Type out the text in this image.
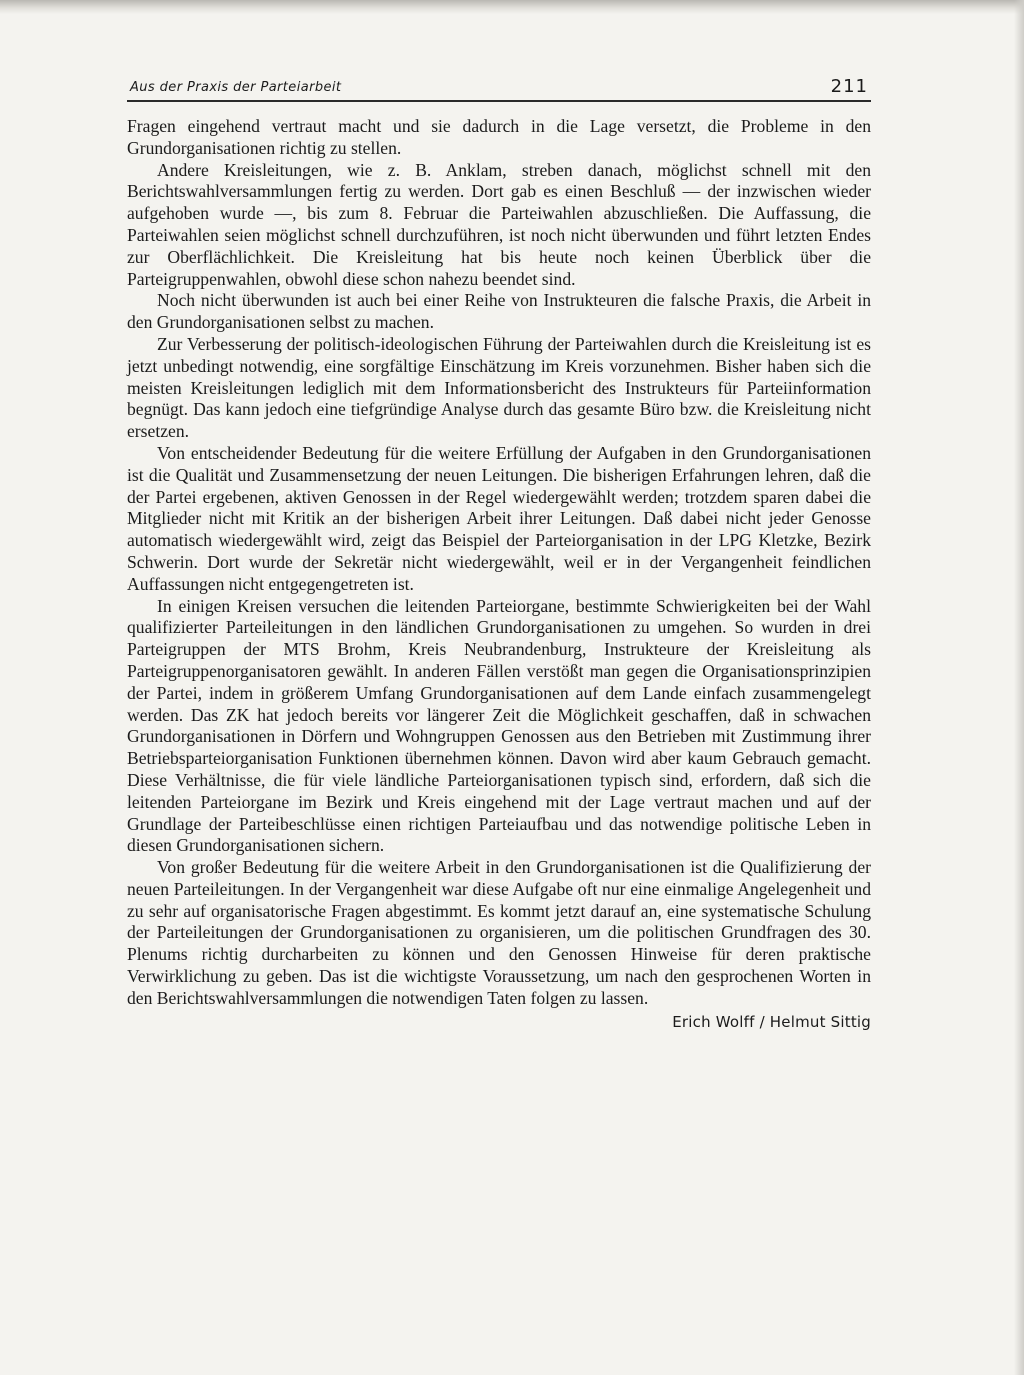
Aus der Praxis der Parteiarbeit	211

Fragen eingehend vertraut macht und sie dadurch in die Lage versetzt, die Probleme in den Grundorganisationen richtig zu stellen.

Andere Kreisleitungen, wie z. B. Anklam, streben danach, möglichst schnell mit den Berichtswahlversammlungen fertig zu werden. Dort gab es einen Beschluß — der inzwischen wieder aufgehoben wurde —, bis zum 8. Februar die Parteiwahlen abzuschließen. Die Auffassung, die Parteiwahlen seien möglichst schnell durchzuführen, ist noch nicht überwunden und führt letzten Endes zur Oberflächlichkeit. Die Kreisleitung hat bis heute noch keinen Überblick über die Parteigruppenwahlen, obwohl diese schon nahezu beendet sind.

Noch nicht überwunden ist auch bei einer Reihe von Instrukteuren die falsche Praxis, die Arbeit in den Grundorganisationen selbst zu machen.

Zur Verbesserung der politisch-ideologischen Führung der Parteiwahlen durch die Kreisleitung ist es jetzt unbedingt notwendig, eine sorgfältige Einschätzung im Kreis vorzunehmen. Bisher haben sich die meisten Kreisleitungen lediglich mit dem Informationsbericht des Instrukteurs für Parteiinformation begnügt. Das kann jedoch eine tiefgründige Analyse durch das gesamte Büro bzw. die Kreisleitung nicht ersetzen.

Von entscheidender Bedeutung für die weitere Erfüllung der Aufgaben in den Grundorganisationen ist die Qualität und Zusammensetzung der neuen Leitungen. Die bisherigen Erfahrungen lehren, daß die der Partei ergebenen, aktiven Genossen in der Regel wiedergewählt werden; trotzdem sparen dabei die Mitglieder nicht mit Kritik an der bisherigen Arbeit ihrer Leitungen. Daß dabei nicht jeder Genosse automatisch wiedergewählt wird, zeigt das Beispiel der Parteiorganisation in der LPG Kletzke, Bezirk Schwerin. Dort wurde der Sekretär nicht wiedergewählt, weil er in der Vergangenheit feindlichen Auffassungen nicht entgegengetreten ist.

In einigen Kreisen versuchen die leitenden Parteiorgane, bestimmte Schwierigkeiten bei der Wahl qualifizierter Parteileitungen in den ländlichen Grundorganisationen zu umgehen. So wurden in drei Parteigruppen der MTS Brohm, Kreis Neubrandenburg, Instrukteure der Kreisleitung als Parteigruppenorganisatoren gewählt. In anderen Fällen verstößt man gegen die Organisationsprinzipien der Partei, indem in größerem Umfang Grundorganisationen auf dem Lande einfach zusammengelegt werden. Das ZK hat jedoch bereits vor längerer Zeit die Möglichkeit geschaffen, daß in schwachen Grundorganisationen in Dörfern und Wohngruppen Genossen aus den Betrieben mit Zustimmung ihrer Betriebsparteiorganisation Funktionen übernehmen können. Davon wird aber kaum Gebrauch gemacht. Diese Verhältnisse, die für viele ländliche Parteiorganisationen typisch sind, erfordern, daß sich die leitenden Parteiorgane im Bezirk und Kreis eingehend mit der Lage vertraut machen und auf der Grundlage der Parteibeschlüsse einen richtigen Parteiaufbau und das notwendige politische Leben in diesen Grundorganisationen sichern.

Von großer Bedeutung für die weitere Arbeit in den Grundorganisationen ist die Qualifizierung der neuen Parteileitungen. In der Vergangenheit war diese Aufgabe oft nur eine einmalige Angelegenheit und zu sehr auf organisatorische Fragen abgestimmt. Es kommt jetzt darauf an, eine systematische Schulung der Parteileitungen der Grundorganisationen zu organisieren, um die politischen Grundfragen des 30. Plenums richtig durcharbeiten zu können und den Genossen Hinweise für deren praktische Verwirklichung zu geben. Das ist die wichtigste Voraussetzung, um nach den gesprochenen Worten in den Berichtswahlversammlungen die notwendigen Taten folgen zu lassen.
Erich Wolff / Helmut Sittig
